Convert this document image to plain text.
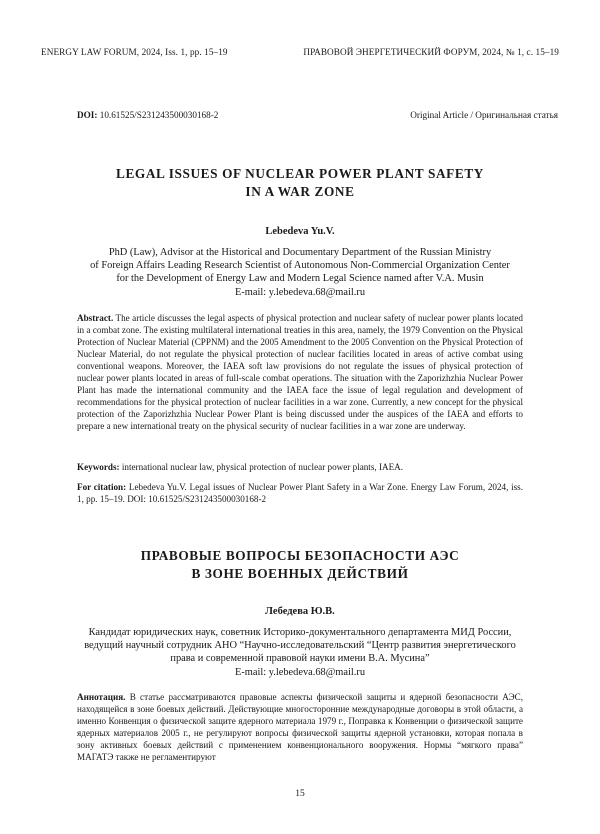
ENERGY LAW FORUM, 2024, Iss. 1, pp. 15–19	ПРАВОВОЙ ЭНЕРГЕТИЧЕСКИЙ ФОРУМ, 2024, № 1, с. 15–19
DOI: 10.61525/S231243500030168-2	Original Article / Оригинальная статья
LEGAL ISSUES OF NUCLEAR POWER PLANT SAFETY
IN A WAR ZONE
Lebedeva Yu.V.
PhD (Law), Advisor at the Historical and Documentary Department of the Russian Ministry
of Foreign Affairs Leading Research Scientist of Autonomous Non-Commercial Organization Center
for the Development of Energy Law and Modern Legal Science named after V.A. Musin
E-mail: y.lebedeva.68@mail.ru
Abstract. The article discusses the legal aspects of physical protection and nuclear safety of nuclear power plants located in a combat zone. The existing multilateral international treaties in this area, namely, the 1979 Convention on the Physical Protection of Nuclear Material (CPPNM) and the 2005 Amendment to the 2005 Convention on the Physical Protection of Nuclear Material, do not regulate the physical protection of nuclear facilities located in areas of active combat using conventional weapons. Moreover, the IAEA soft law provisions do not regulate the issues of physical protection of nuclear power plants located in areas of full-scale combat operations. The situation with the Zaporizhzhia Nuclear Power Plant has made the international community and the IAEA face the issue of legal regulation and development of recommendations for the physical protection of nuclear facilities in a war zone. Currently, a new concept for the physical protection of the Zaporizhzhia Nuclear Power Plant is being discussed under the auspices of the IAEA and efforts to prepare a new international treaty on the physical security of nuclear facilities in a war zone are underway.
Keywords: international nuclear law, physical protection of nuclear power plants, IAEA.
For citation: Lebedeva Yu.V. Legal issues of Nuclear Power Plant Safety in a War Zone. Energy Law Forum, 2024, iss. 1, pp. 15–19. DOI: 10.61525/S231243500030168-2
ПРАВОВЫЕ ВОПРОСЫ БЕЗОПАСНОСТИ АЭС
В ЗОНЕ ВОЕННЫХ ДЕЙСТВИЙ
Лебедева Ю.В.
Кандидат юридических наук, советник Историко-документального департамента МИД России,
ведущий научный сотрудник АНО “Научно-исследовательский “Центр развития энергетического
права и современной правовой науки имени В.А. Мусина”
E-mail: y.lebedeva.68@mail.ru
Аннотация. В статье рассматриваются правовые аспекты физической защиты и ядерной безопасности АЭС, находящейся в зоне боевых действий. Действующие многосторонние международные договоры в этой области, а именно Конвенция о физической защите ядерного материала 1979 г., Поправка к Конвенции о физической защите ядерных материалов 2005 г., не регулируют вопросы физической защиты ядерной установки, которая попала в зону активных боевых действий с применением конвенционального вооружения. Нормы “мягкого права” МАГАТЭ также не регламентируют
15
